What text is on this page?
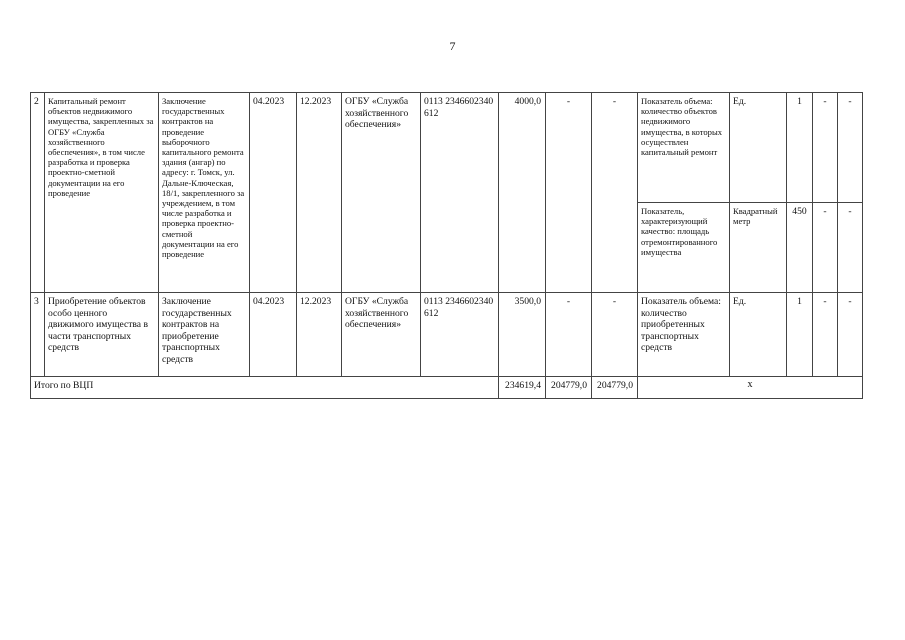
7
2	Капитальный ремонт объектов недвижимого имущества, закрепленных за ОГБУ «Служба хозяйственного обеспечения», в том числе разработка и проверка проектно-сметной документации на его проведение	Заключение государственных контрактов на проведение выборочного капитального ремонта здания (ангар) по адресу: г. Томск, ул. Дальне-Ключеская, 18/1, закрепленного за учреждением, в том числе разработка и проверка проектно-сметной документации на его проведение	04.2023	12.2023	ОГБУ «Служба хозяйственного обеспечения»	0113 2346602340 612	4000,0	-	-	Показатель объема: количество объектов недвижимого имущества, в которых осуществлен капитальный ремонт	Ед.	1	-	-
										Показатель, характеризующий качество: площадь отремонтированного имущества	Квадратный метр	450	-	-
3	Приобретение объектов особо ценного движимого имущества в части транспортных средств	Заключение государственных контрактов на приобретение транспортных средств	04.2023	12.2023	ОГБУ «Служба хозяйственного обеспечения»	0113 2346602340 612	3500,0	-	-	Показатель объема: количество приобретенных транспортных средств	Ед.	1	-	-
Итого по ВЦП							234619,4	204779,0	204779,0	х				
